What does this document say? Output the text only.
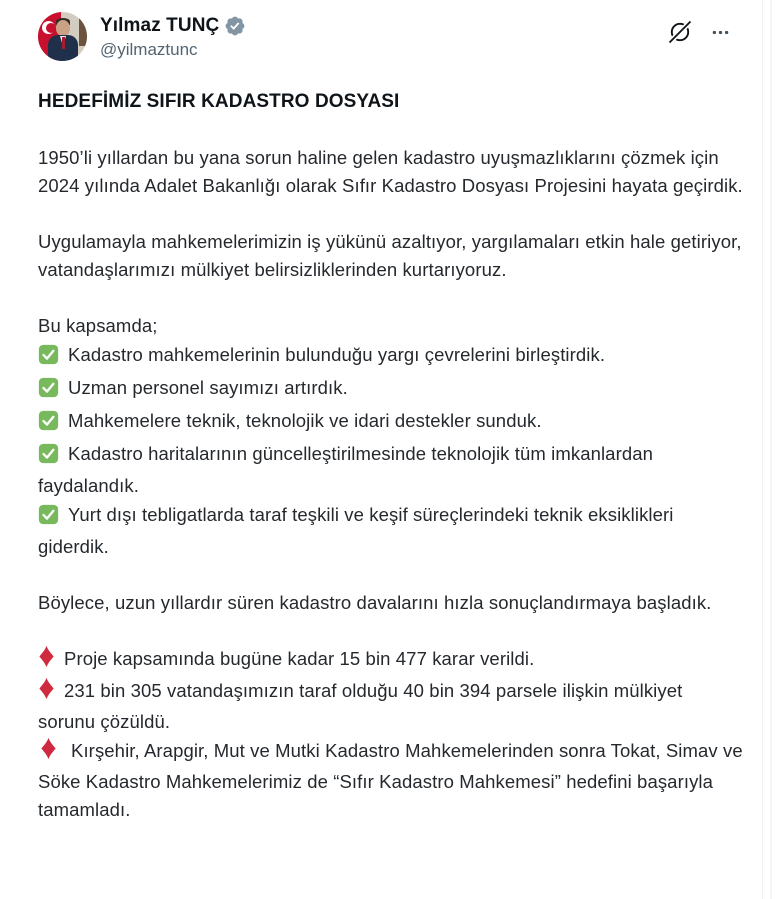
Yılmaz TUNÇ
@yilmaztunc
HEDEFİMİZ SIFIR KADASTRO DOSYASI

1950’li yıllardan bu yana sorun haline gelen kadastro uyuşmazlıklarını çözmek için 2024 yılında Adalet Bakanlığı olarak Sıfır Kadastro Dosyası Projesini hayata geçirdik.

Uygulamayla mahkemelerimizin iş yükünü azaltıyor, yargılamaları etkin hale getiriyor, vatandaşlarımızı mülkiyet belirsizliklerinden kurtarıyoruz.

Bu kapsamda;
Kadastro mahkemelerinin bulunduğu yargı çevrelerini birleştirdik.
Uzman personel sayımızı artırdık.
Mahkemelere teknik, teknolojik ve idari destekler sunduk.
Kadastro haritalarının güncelleştirilmesinde teknolojik tüm imkanlardan faydalandık.
Yurt dışı tebligatlarda taraf teşkili ve keşif süreçlerindeki teknik eksiklikleri giderdik.

Böylece, uzun yıllardır süren kadastro davalarını hızla sonuçlandırmaya başladık.

Proje kapsamında bugüne kadar 15 bin 477 karar verildi.
231 bin 305 vatandaşımızın taraf olduğu 40 bin 394 parsele ilişkin mülkiyet sorunu çözüldü.
Kırşehir, Arapgir, Mut ve Mutki Kadastro Mahkemelerinden sonra Tokat, Simav ve Söke Kadastro Mahkemelerimiz de “Sıfır Kadastro Mahkemesi” hedefini başarıyla tamamladı.
